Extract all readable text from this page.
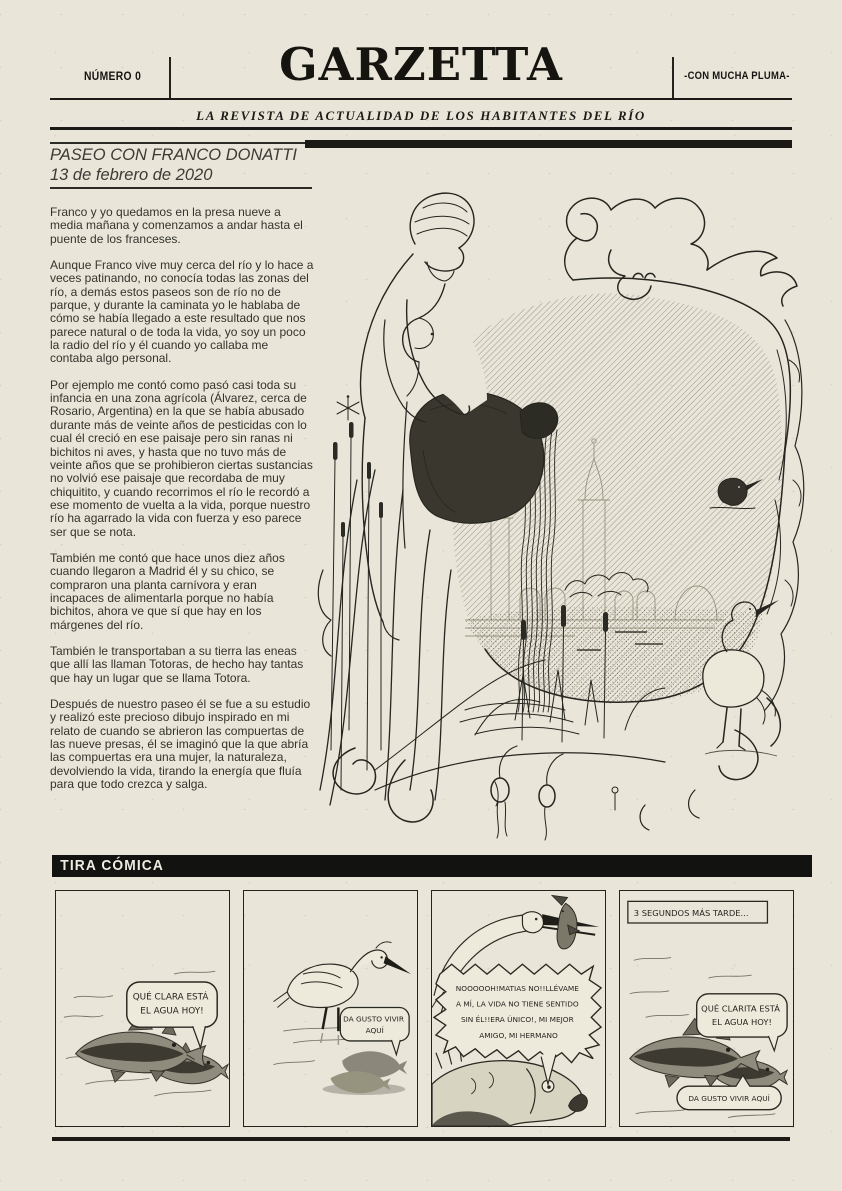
NÚMERO 0	GARZETTA	-CON MUCHA PLUMA-
LA REVISTA DE ACTUALIDAD DE LOS HABITANTES DEL RÍO
PASEO CON FRANCO DONATTI
13 de febrero de 2020

Franco y yo quedamos en la presa nueve a media mañana y comenzamos a andar hasta el puente de los franceses.

Aunque Franco vive muy cerca del río y lo hace a veces patinando, no conocía todas las zonas del río, a demás estos paseos son de río no de parque, y durante la caminata yo le hablaba de cómo se había llegado a este resultado que nos parece natural o de toda la vida, yo soy un poco la radio del río y él cuando yo callaba me contaba algo personal.

Por ejemplo me contó como pasó casi toda su infancia en una zona agrícola (Álvarez, cerca de Rosario, Argentina) en la que se había abusado durante más de veinte años de pesticidas con lo cual él creció en ese paisaje pero sin ranas ni bichitos ni aves, y hasta que no tuvo más de veinte años que se prohibieron ciertas sustancias no volvió ese paisaje que recordaba de muy chiquitito, y cuando recorrimos el río le recordó a ese momento de vuelta a la vida, porque nuestro río ha agarrado la vida con fuerza y eso parece ser que se nota.

También me contó que hace unos diez años cuando llegaron a Madrid él y su chico, se compraron una planta carnívora y eran incapaces de alimentarla porque no había bichitos, ahora ve que sí que hay en los márgenes del río.

También le transportaban a su tierra las eneas que allí las llaman Totoras, de hecho hay tantas que hay un lugar que se llama Totora.

Después de nuestro paseo él se fue a su estudio y realizó este precioso dibujo inspirado en mi relato de cuando se abrieron las compuertas de las nueve presas, él se imaginó que la que abría las compuertas era una mujer, la naturaleza, devolviendo la vida, tirando la energía que fluía para que todo crezca y salga.

TIRA CÓMICA
QUÉ CLARA ESTÁ EL AGUA HOY!
DA GUSTO VIVIR AQUÍ
NOOOOOH!MATIAS NO!!LLÉVAME A MÍ, LA VIDA NO TIENE SENTIDO SIN ÉL!!ERA ÚNICO!, MI MEJOR AMIGO, MI HERMANO
3 SEGUNDOS MÁS TARDE...
QUÉ CLARITA ESTÁ EL AGUA HOY!
DA GUSTO VIVIR AQUÍ
